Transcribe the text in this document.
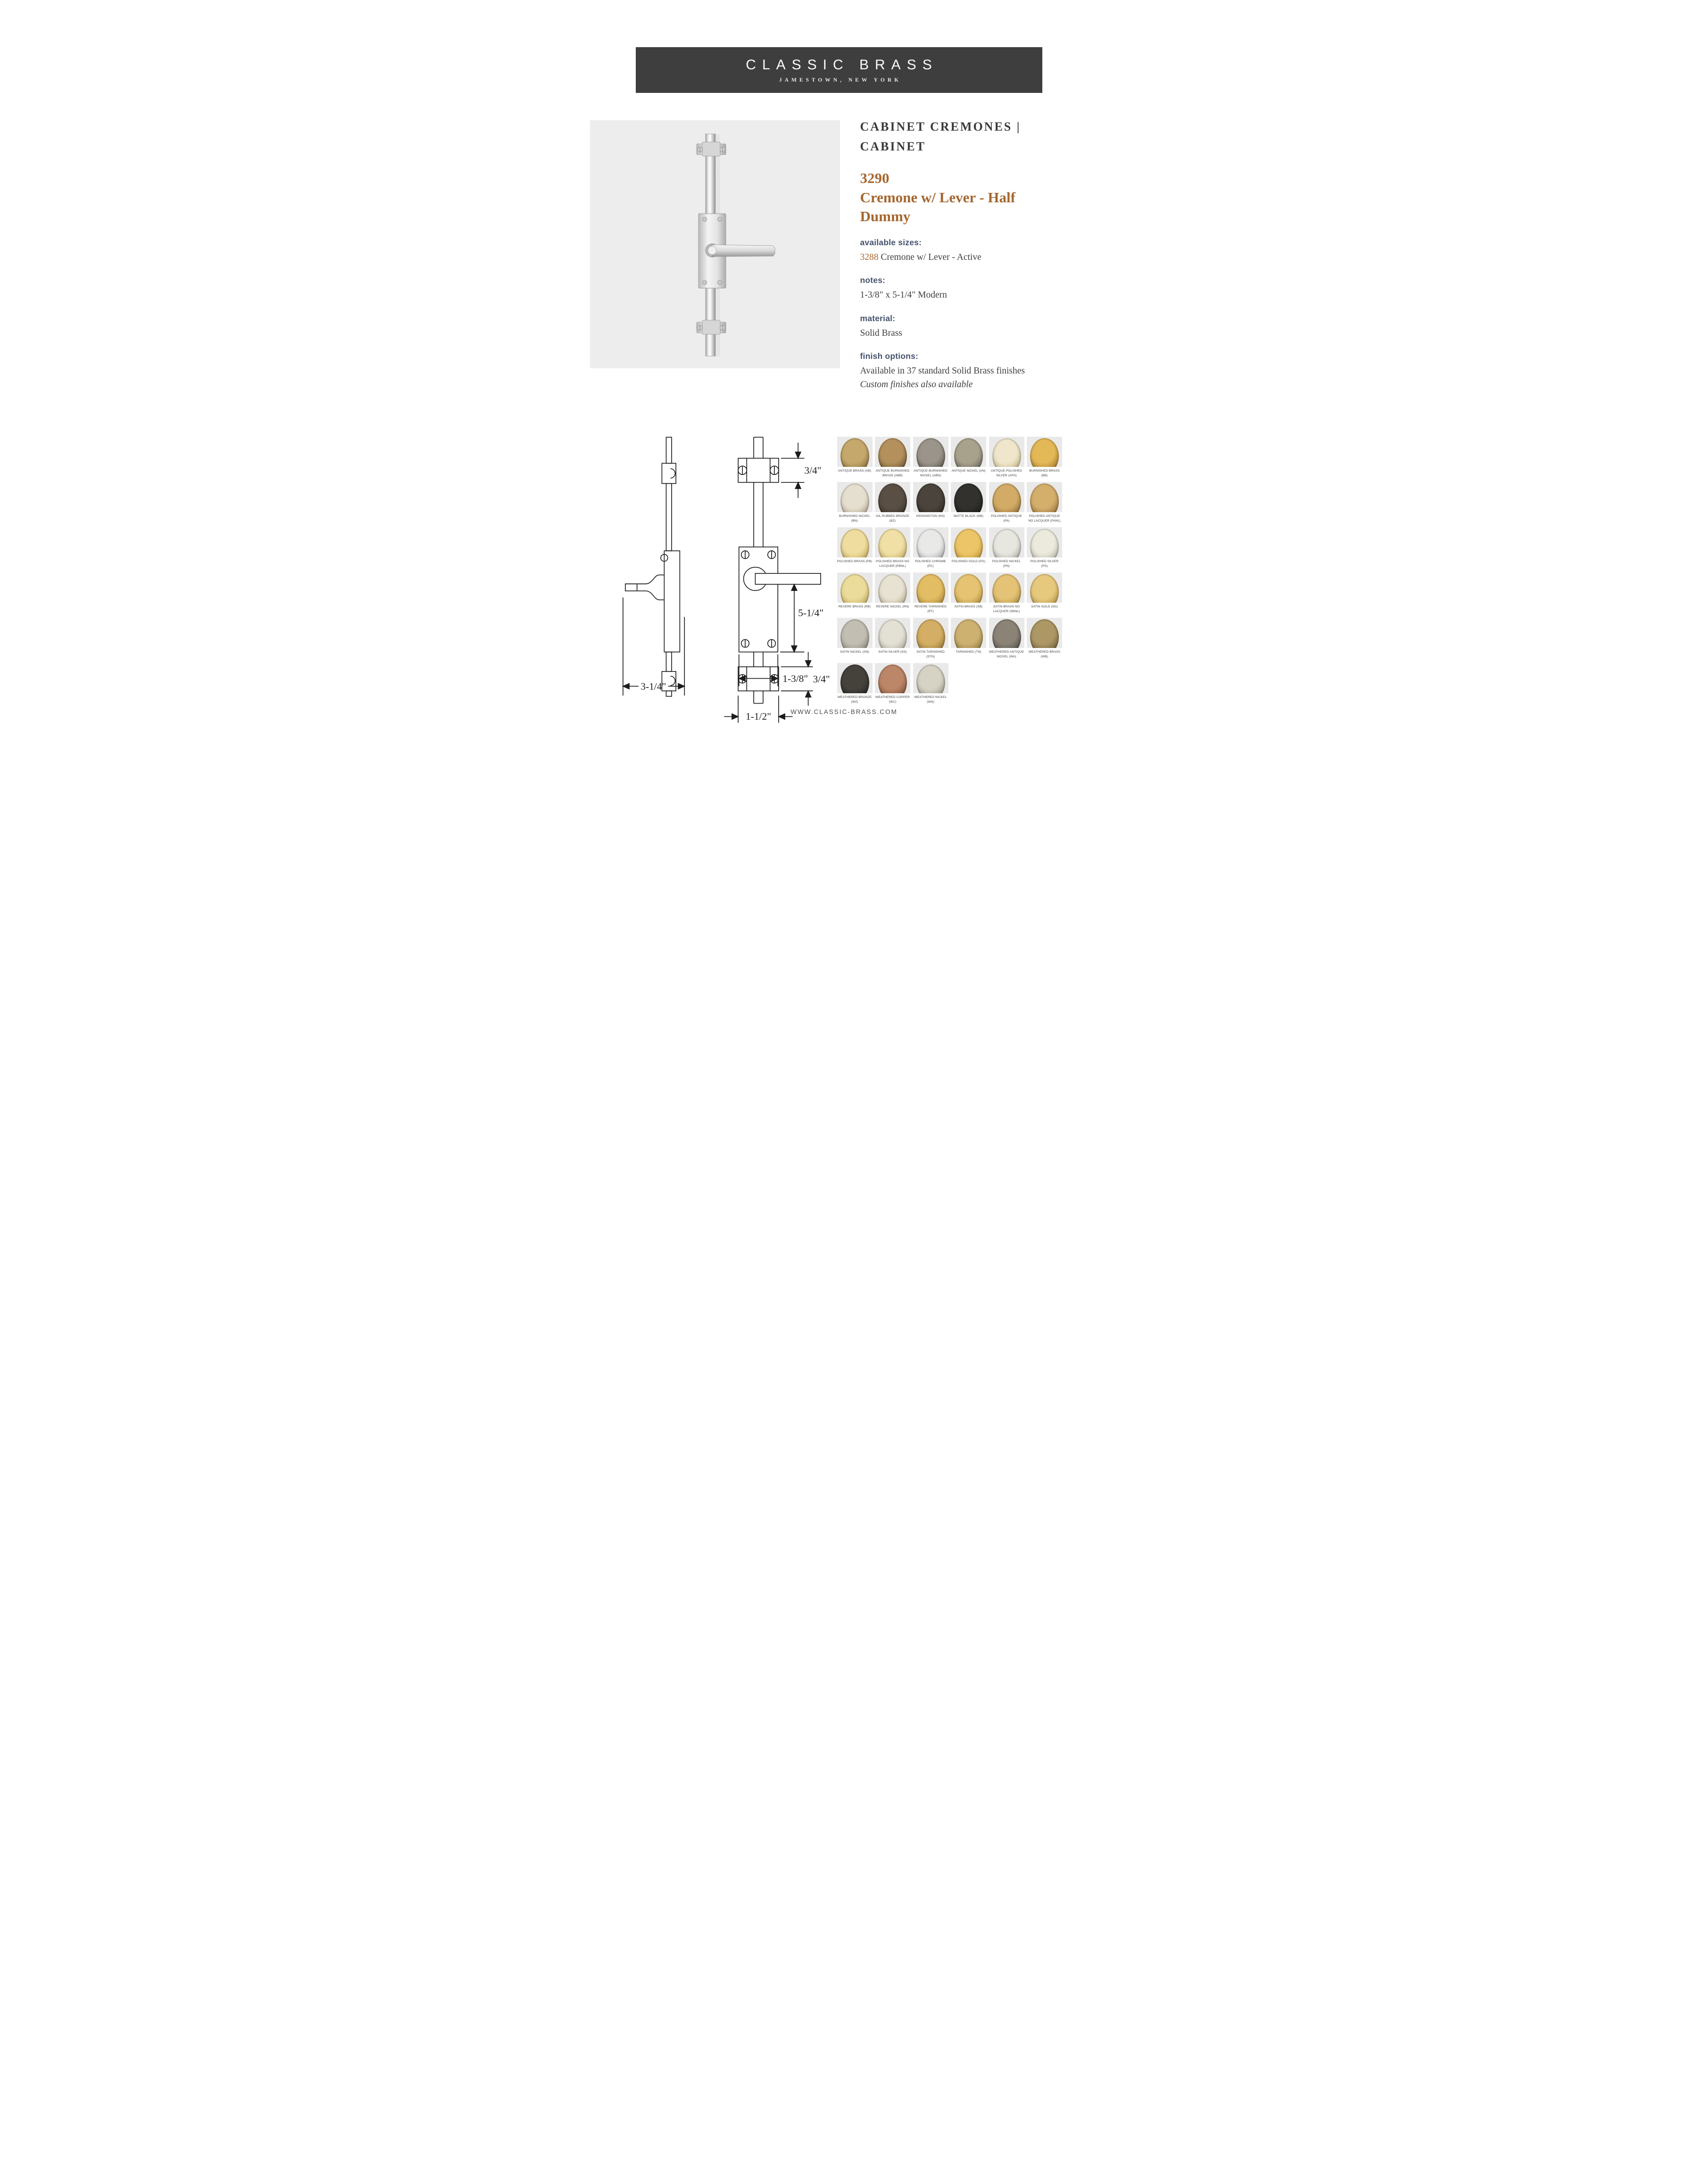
CLASSIC BRASS
JAMESTOWN, NEW YORK
CABINET CREMONES | CABINET
3290
Cremone w/ Lever - Half Dummy
available sizes:
3288 Cremone w/ Lever - Active
notes:
1-3/8" x 5-1/4" Modern
material:
Solid Brass
finish options:
Available in 37 standard Solid Brass finishes
Custom finishes also available
3-1/4"
3/4"
5-1/4"
1-3/8" 3/4"
1-1/2"
ANTIQUE BRASS (AB)	ANTIQUE BURNISHED BRASS (ABB)
ANTIQUE BURNISHED NICKEL (ABN)
ANTIQUE NICKEL (AN)	ANTIQUE POLISHED SILVER (APS)
BURNISHED BRASS (BB)
BURNISHED NICKEL (BN)
OIL RUBBED BRONZE (BZ)
KENSINGTON (KN)	MATTE BLACK (MB)	POLISHED ANTIQUE (PA)
POLISHED ANTIQUE NO LACQUER (PANL)
POLISHED BRASS (PB)	POLISHED BRASS NO LACQUER (PBNL)
POLISHED CHROME (PC)
POLISHED GOLD (PG)	POLISHED NICKEL (PN)
POLISHED SILVER (PS)
REVERE BRASS (RB)	REVERE NICKEL (RN)	REVERE TARNISHED (RT)
SATIN BRASS (SB)	SATIN BRASS NO LACQUER (SBNL)
SATIN GOLD (SG)
SATIN NICKEL (SN)	SATIN SILVER (SS)	SATIN TARNISHED (STN)
TARNISHED (TN)	WEATHERED ANTIQUE NICKEL (WA)
WEATHERED BRASS (WB)
WEATHERED BRONZE (WZ)
WEATHERED COPPER (WC)
WEATHERED NICKEL (WN)
WWW.CLASSIC-BRASS.COM
